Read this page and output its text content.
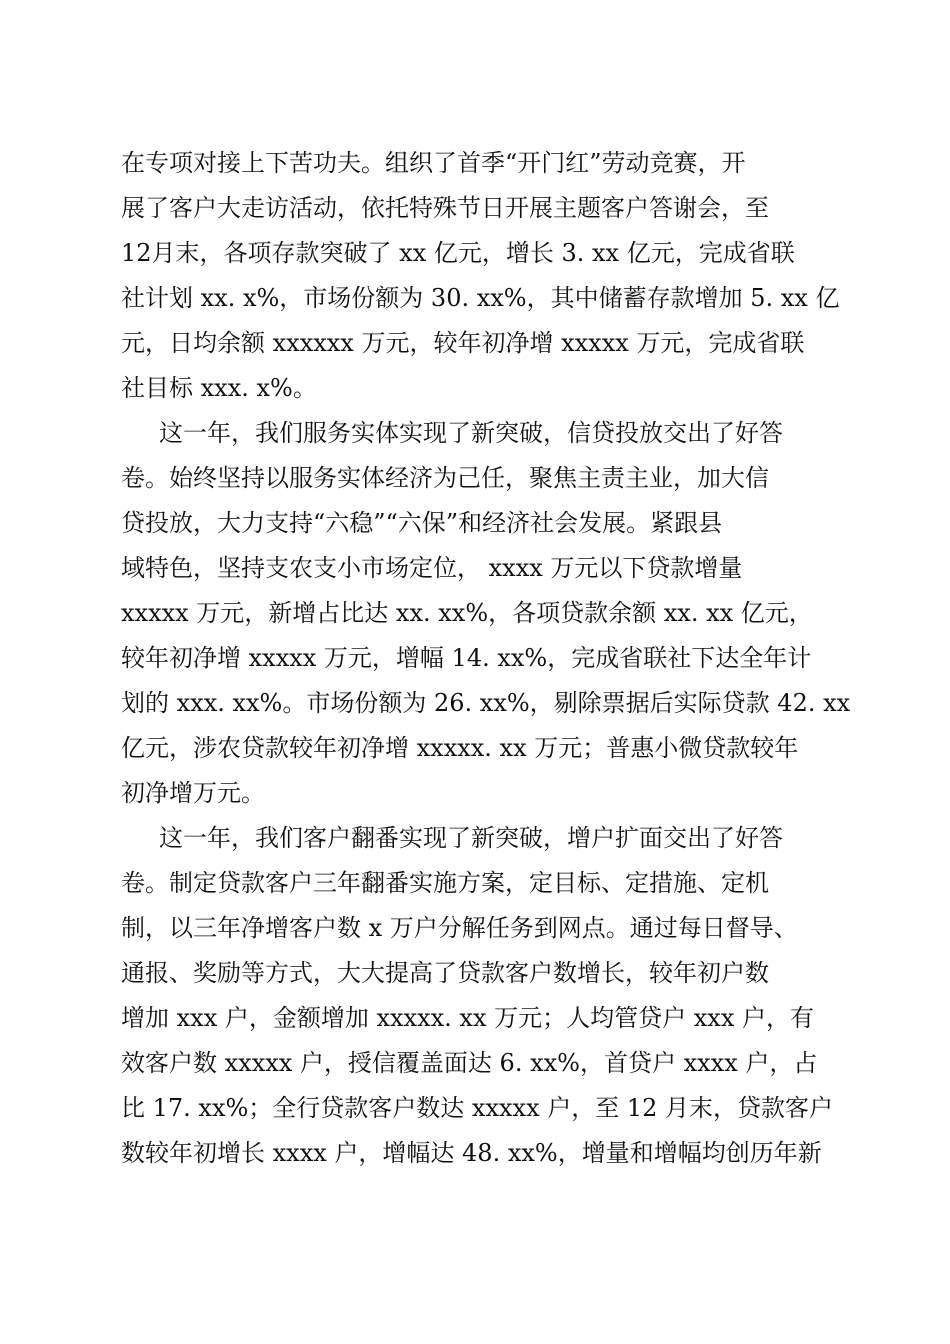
在专项对接上下苦功夫。组织了首季“开门红”劳动竞赛，开
展了客户大走访活动，依托特殊节日开展主题客户答谢会，至
12月末，各项存款突破了 xx 亿元，增长 3. xx 亿元，完成省联
社计划 xx. x%，市场份额为 30. xx%，其中储蓄存款增加 5. xx 亿
元，日均余额 xxxxxx 万元，较年初净增 xxxxx 万元，完成省联
社目标 xxx. x%。
这一年，我们服务实体实现了新突破，信贷投放交出了好答
卷。始终坚持以服务实体经济为己任，聚焦主责主业，加大信
贷投放，大力支持“六稳”“六保”和经济社会发展。紧跟县
域特色，坚持支农支小市场定位， xxxx 万元以下贷款增量
xxxxx 万元，新增占比达 xx. xx%，各项贷款余额 xx. xx 亿元，
较年初净增 xxxxx 万元，增幅 14. xx%，完成省联社下达全年计
划的 xxx. xx%。市场份额为 26. xx%，剔除票据后实际贷款 42. xx
亿元，涉农贷款较年初净增 xxxxx. xx 万元；普惠小微贷款较年
初净增万元。
这一年，我们客户翻番实现了新突破，增户扩面交出了好答
卷。制定贷款客户三年翻番实施方案，定目标、定措施、定机
制，以三年净增客户数 x 万户分解任务到网点。通过每日督导、
通报、奖励等方式，大大提高了贷款客户数增长，较年初户数
增加 xxx 户，金额增加 xxxxx. xx 万元；人均管贷户 xxx 户，有
效客户数 xxxxx 户，授信覆盖面达 6. xx%，首贷户 xxxx 户，占
比 17. xx%；全行贷款客户数达 xxxxx 户，至 12 月末，贷款客户
数较年初增长 xxxx 户，增幅达 48. xx%，增量和增幅均创历年新
